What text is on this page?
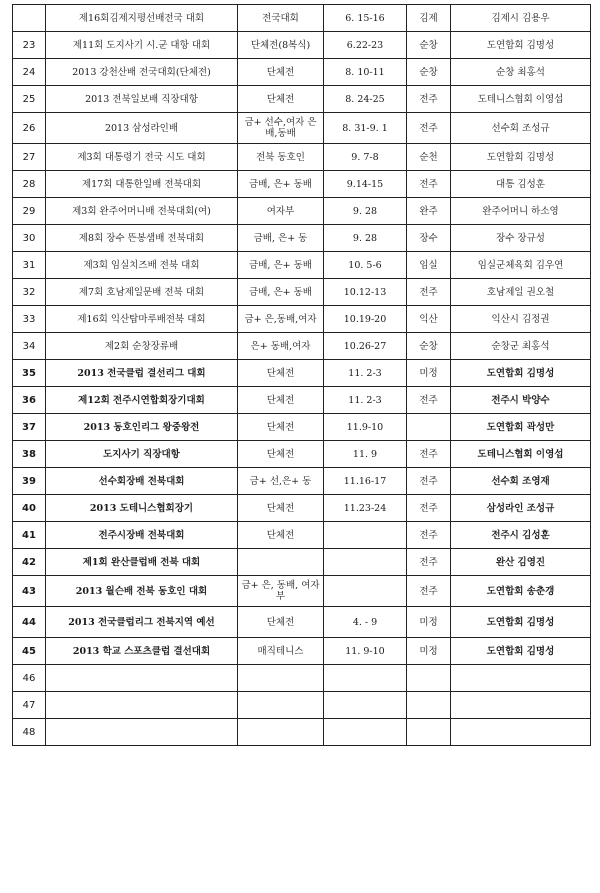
	제16회김제지평선배전국 대회	전국대회	6. 15-16	김제	김제시 김용우
23	제11회 도지사기 시.군 대항 대회	단체전(8복식)	6.22-23	순창	도연합회 김명성
24	2013 강천산배 전국대회(단체전)	단체전	8. 10-11	순창	순창 최홍석
25	2013 전북일보배 직장대항	단체전	8. 24-25	전주	도테니스협회 이영섭
26	2013 삼성라인배	금+ 선수,여자 은배,동배	8. 31-9. 1	전주	선수회 조성규
27	제3회 대통령기 전국 시도 대회	전북 동호인	9. 7-8	순천	도연합회 김명성
28	제17회 대통한일배 전북대회	금배, 은+ 동배	9.14-15	전주	대통 김성훈
29	제3회 완주어머니배 전북대회(여)	여자부	9. 28	완주	완주어머니 하소영
30	제8회 장수 뜬봉샘배 전북대회	금배, 은+ 동	9. 28	장수	장수 장규성
31	제3회 임실치즈배 전북 대회	금배, 은+ 동배	10. 5-6	임실	임실군체육회 김우연
32	제7회 호남제일문배 전북 대회	금배, 은+ 동배	10.12-13	전주	호남제일 권오철
33	제16회 익산탑마루배전북 대회	금+ 은,동배,여자	10.19-20	익산	익산시 김정권
34	제2회 순창장류배	은+ 동배,여자	10.26-27	순창	순창군 최홍석
35	2013 전국클럽 결선리그 대회	단체전	11. 2-3	미정	도연합회 김명성
36	제12회 전주시연합회장기대회	단체전	11. 2-3	전주	전주시 박양수
37	2013 동호인리그 왕중왕전	단체전	11.9-10		도연합회 곽성만
38	도지사기 직장대항	단체전	11. 9	전주	도테니스협회 이영섭
39	선수회장배 전북대회	금+ 선,은+ 동	11.16-17	전주	선수회 조영재
40	2013 도테니스협회장기	단체전	11.23-24	전주	삼성라인 조성규
41	전주시장배 전북대회	단체전		전주	전주시 김성훈
42	제1회 완산클럽배 전북 대회			전주	완산 김영진
43	2013 월슨배 전북 동호인 대회	금+ 은, 동배, 여자부		전주	도연합회 송춘갱
44	2013 전국클럽리그 전북지역 예선	단체전	4. - 9	미정	도연합회 김명성
45	2013 학교 스포츠클럽 결선대회	매직테니스	11. 9-10	미정	도연합회 김명성
46					
47					
48					
